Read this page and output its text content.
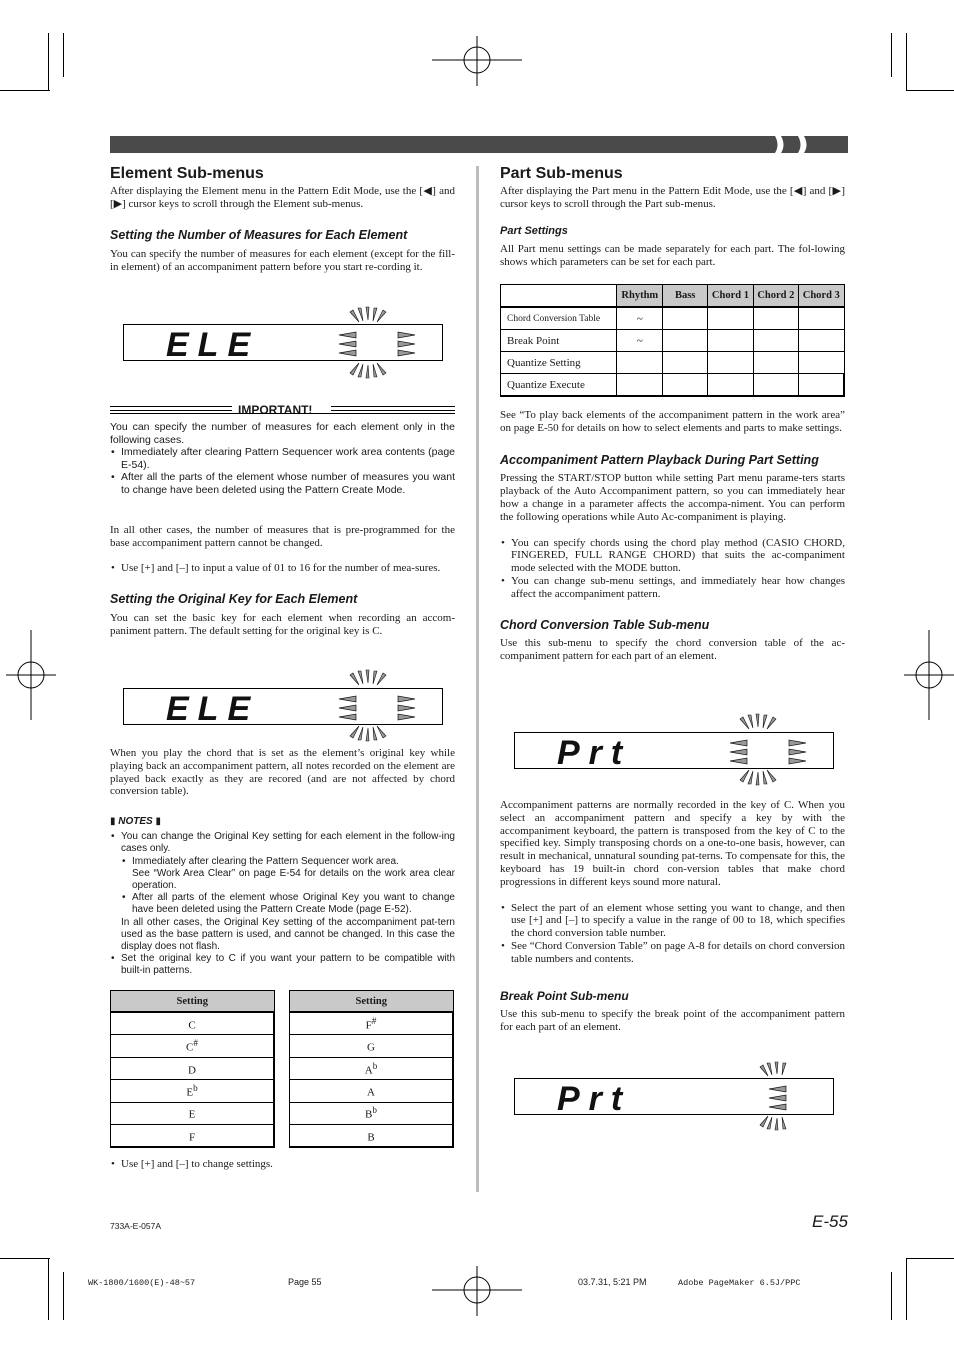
Element Sub-menus

After displaying the Element menu in the Pattern Edit Mode, use the [◀] and [▶] cursor keys to scroll through the Element sub-menus.

Setting the Number of Measures for Each Element

You can specify the number of measures for each element (except for the fill-in element) of an accompaniment pattern before you start re-cording it.

ELE
IMPORTANT!

You can specify the number of measures for each element only in the following cases.

• Immediately after clearing Pattern Sequencer work area contents (page E-54).
• After all the parts of the element whose number of measures you want to change have been deleted using the Pattern Create Mode.

In all other cases, the number of measures that is pre-programmed for the base accompaniment pattern cannot be changed.

• Use [+] and [–] to input a value of 01 to 16 for the number of mea-sures.
Setting the Original Key for Each Element

You can set the basic key for each element when recording an accom-paniment pattern. The default setting for the original key is C.

ELE

When you play the chord that is set as the element’s original key while playing back an accompaniment pattern, all notes recorded on the element are played back exactly as they are recored (and are not affected by chord conversion table).

▮ NOTES ▮
• You can change the Original Key setting for each element in the follow-ing cases only.
• Immediately after clearing the Pattern Sequencer work area.
See “Work Area Clear” on page E-54 for details on the work area clear operation.
• After all parts of the element whose Original Key you want to change have been deleted using the Pattern Create Mode (page E-52).
In all other cases, the Original Key setting of the accompaniment pat-tern used as the base pattern is used, and cannot be changed. In this case the display does not flash.
• Set the original key to C if you want your pattern to be compatible with built-in patterns.
Setting
C
C#
D
$E^b$
E
F
Setting
F#
G
$A^b$
A
$B^b$
B
• Use [+] and [–] to change settings.
Part Sub-menus

After displaying the Part menu in the Pattern Edit Mode, use the [◀] and [▶] cursor keys to scroll through the Part sub-menus.

Part Settings

All Part menu settings can be made separately for each part. The fol-lowing shows which parameters can be set for each part.

	Rhythm	Bass	Chord 1	Chord 2	Chord 3
Chord Conversion Table	~				
Break Point	~				
Quantize Setting					
Quantize Execute					

See “To play back elements of the accompaniment pattern in the work area” on page E-50 for details on how to select elements and parts to make settings.

Accompaniment Pattern Playback During Part Setting

Pressing the START/STOP button while setting Part menu parame-ters starts playback of the Auto Accompaniment pattern, so you can immediately hear how a change in a parameter affects the accompa-niment. You can perform the following operations while Auto Ac-companiment is playing.

• You can specify chords using the chord play method (CASIO CHORD, FINGERED, FULL RANGE CHORD) that suits the ac-companiment mode selected with the MODE button.
• You can change sub-menu settings, and immediately hear how changes affect the accompaniment pattern.
Chord Conversion Table Sub-menu

Use this sub-menu to specify the chord conversion table of the ac-companiment pattern for each part of an element.

Prt

Accompaniment patterns are normally recorded in the key of C. When you select an accompaniment pattern and specify a key by with the accompaniment keyboard, the pattern is transposed from the key of C to the specified key. Simply transposing chords on a one-to-one basis, however, can result in mechanical, unnatural sounding pat-terns. To compensate for this, the keyboard has 19 built-in chord con-version tables that make chord progressions in different keys sound more natural.

• Select the part of an element whose setting you want to change, and then use [+] and [–] to specify a value in the range of 00 to 18, which specifies the chord conversion table number.
• See “Chord Conversion Table” on page A-8 for details on chord conversion table numbers and contents.
Break Point Sub-menu

Use this sub-menu to specify the break point of the accompaniment pattern for each part of an element.

Prt
733A-E-057A	E-55
WK-1800/1600(E)-48~57	Page 55	03.7.31, 5:21 PM	Adobe PageMaker 6.5J/PPC
